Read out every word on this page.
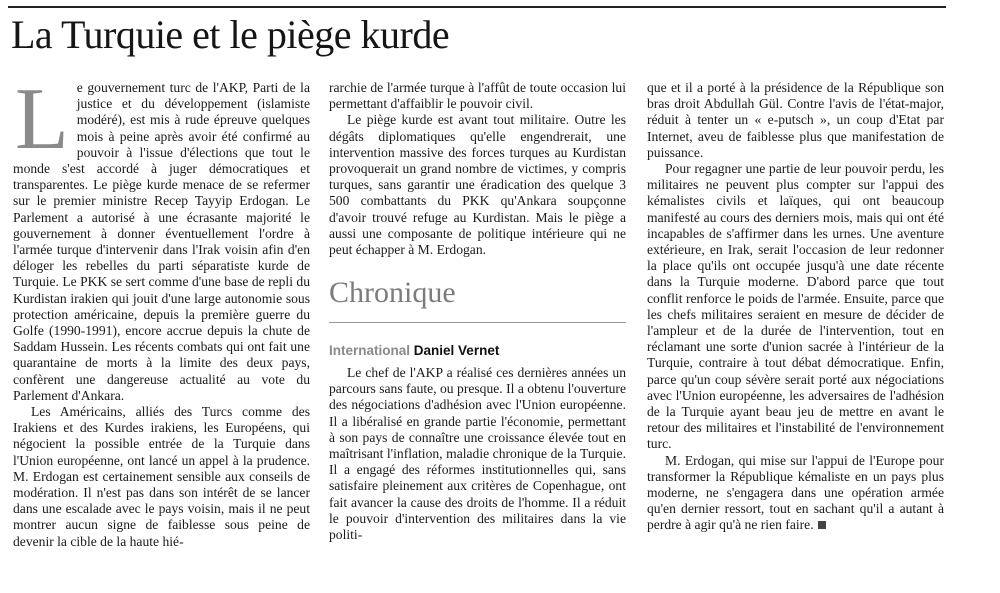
La Turquie et le piège kurde

Le gouvernement turc de l'AKP, Parti de la justice et du développement (islamiste modéré), est mis à rude épreuve quelques mois à peine après avoir été confirmé au pouvoir à l'issue d'élections que tout le monde s'est accordé à juger démocratiques et transparentes. Le piège kurde menace de se refermer sur le premier ministre Recep Tayyip Erdogan. Le Parlement a autorisé à une écrasante majorité le gouvernement à donner éventuellement l'ordre à l'armée turque d'intervenir dans l'Irak voisin afin d'en déloger les rebelles du parti séparatiste kurde de Turquie. Le PKK se sert comme d'une base de repli du Kurdistan irakien qui jouit d'une large autonomie sous protection américaine, depuis la première guerre du Golfe (1990-1991), encore accrue depuis la chute de Saddam Hussein. Les récents combats qui ont fait une quarantaine de morts à la limite des deux pays, confèrent une dangereuse actualité au vote du Parlement d'Ankara.

Les Américains, alliés des Turcs comme des Irakiens et des Kurdes irakiens, les Européens, qui négocient la possible entrée de la Turquie dans l'Union européenne, ont lancé un appel à la prudence. M. Erdogan est certainement sensible aux conseils de modération. Il n'est pas dans son intérêt de se lancer dans une escalade avec le pays voisin, mais il ne peut montrer aucun signe de faiblesse sous peine de devenir la cible de la haute hié-

rarchie de l'armée turque à l'affût de toute occasion lui permettant d'affaiblir le pouvoir civil.

Le piège kurde est avant tout militaire. Outre les dégâts diplomatiques qu'elle engendrerait, une intervention massive des forces turques au Kurdistan provoquerait un grand nombre de victimes, y compris turques, sans garantir une éradication des quelque 3 500 combattants du PKK qu'Ankara soupçonne d'avoir trouvé refuge au Kurdistan. Mais le piège a aussi une composante de politique intérieure qui ne peut échapper à M. Erdogan.

Chronique

International Daniel Vernet

Le chef de l'AKP a réalisé ces dernières années un parcours sans faute, ou presque. Il a obtenu l'ouverture des négociations d'adhésion avec l'Union européenne. Il a libéralisé en grande partie l'économie, permettant à son pays de connaître une croissance élevée tout en maîtrisant l'inflation, maladie chronique de la Turquie. Il a engagé des réformes institutionnelles qui, sans satisfaire pleinement aux critères de Copenhague, ont fait avancer la cause des droits de l'homme. Il a réduit le pouvoir d'intervention des militaires dans la vie politi-

que et il a porté à la présidence de la République son bras droit Abdullah Gül. Contre l'avis de l'état-major, réduit à tenter un « e-putsch », un coup d'Etat par Internet, aveu de faiblesse plus que manifestation de puissance.

Pour regagner une partie de leur pouvoir perdu, les militaires ne peuvent plus compter sur l'appui des kémalistes civils et laïques, qui ont beaucoup manifesté au cours des derniers mois, mais qui ont été incapables de s'affirmer dans les urnes. Une aventure extérieure, en Irak, serait l'occasion de leur redonner la place qu'ils ont occupée jusqu'à une date récente dans la Turquie moderne. D'abord parce que tout conflit renforce le poids de l'armée. Ensuite, parce que les chefs militaires seraient en mesure de décider de l'ampleur et de la durée de l'intervention, tout en réclamant une sorte d'union sacrée à l'intérieur de la Turquie, contraire à tout débat démocratique. Enfin, parce qu'un coup sévère serait porté aux négociations avec l'Union européenne, les adversaires de l'adhésion de la Turquie ayant beau jeu de mettre en avant le retour des militaires et l'instabilité de l'environnement turc.

M. Erdogan, qui mise sur l'appui de l'Europe pour transformer la République kémaliste en un pays plus moderne, ne s'engagera dans une opération armée qu'en dernier ressort, tout en sachant qu'il a autant à perdre à agir qu'à ne rien faire.
